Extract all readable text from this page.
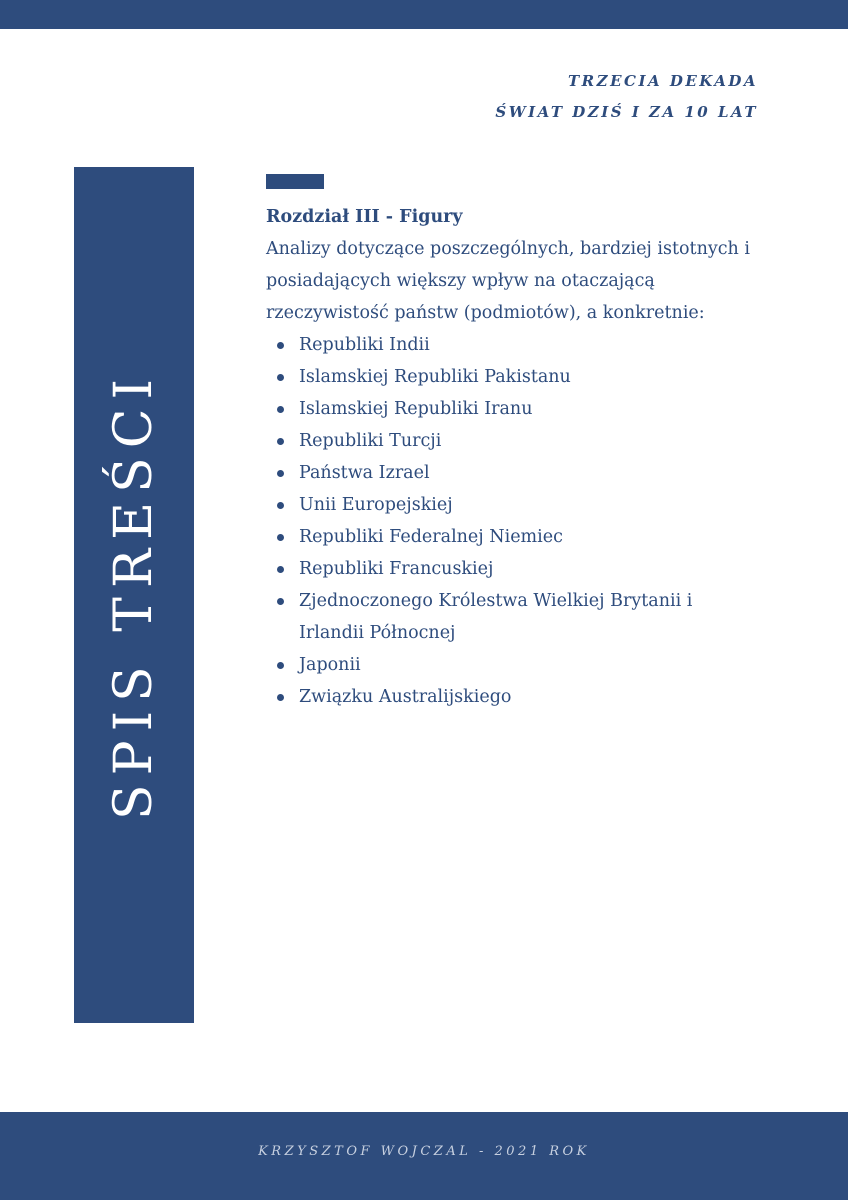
TRZECIA DEKADA
ŚWIAT DZIŚ I ZA 10 LAT
SPIS TREŚCI
Rozdział III - Figury

Analizy dotyczące poszczególnych, bardziej istotnych i posiadających większy wpływ na otaczającą rzeczywistość państw (podmiotów), a konkretnie:

Republiki Indii
Islamskiej Republiki Pakistanu
Islamskiej Republiki Iranu
Republiki Turcji
Państwa Izrael
Unii Europejskiej
Republiki Federalnej Niemiec
Republiki Francuskiej
Zjednoczonego Królestwa Wielkiej Brytanii i Irlandii Północnej
Japonii
Związku Australijskiego
KRZYSZTOF WOJCZAL - 2021 ROK
